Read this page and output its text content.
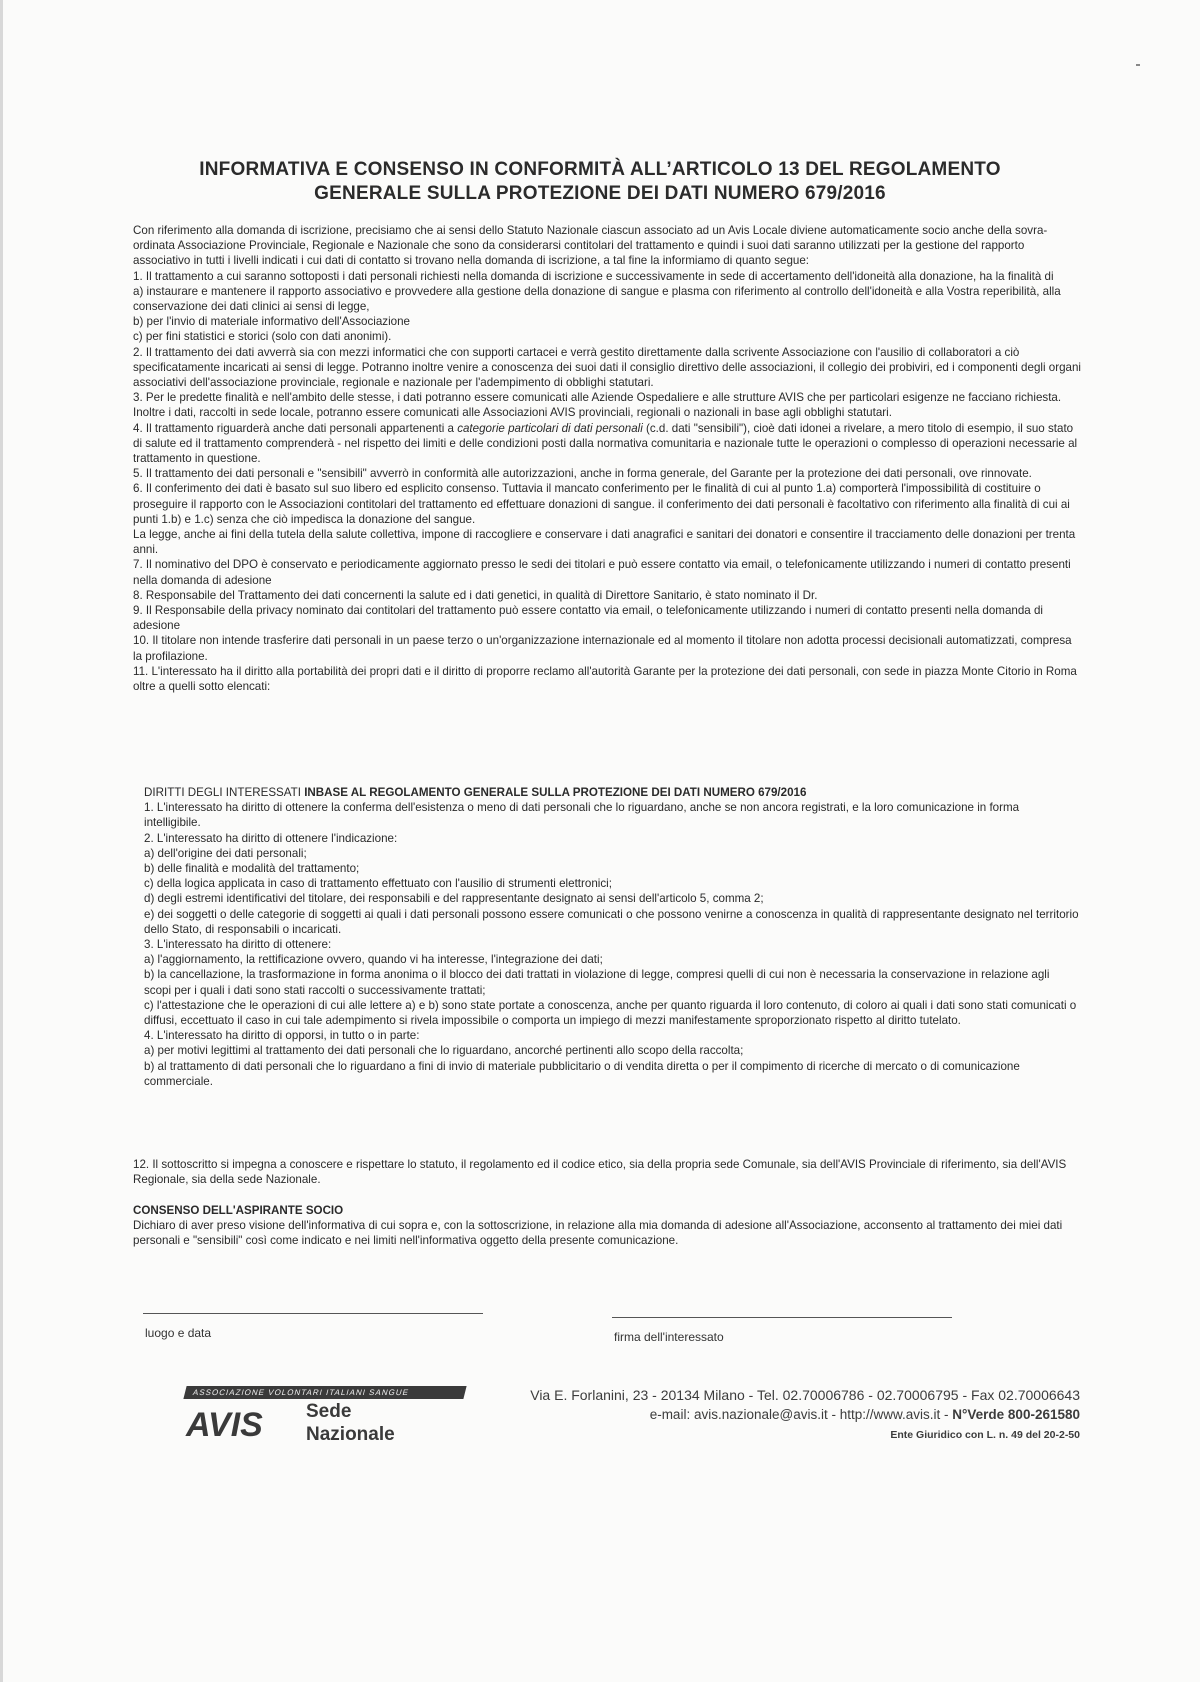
INFORMATIVA E CONSENSO IN CONFORMITÀ ALL’ARTICOLO 13 DEL REGOLAMENTO
GENERALE SULLA PROTEZIONE DEI DATI NUMERO 679/2016

Con riferimento alla domanda di iscrizione, precisiamo che ai sensi dello Statuto Nazionale ciascun associato ad un Avis Locale diviene automaticamente socio anche della sovra-ordinata Associazione Provinciale, Regionale e Nazionale che sono da considerarsi contitolari del trattamento e quindi i suoi dati saranno utilizzati per la gestione del rapporto associativo in tutti i livelli indicati i cui dati di contatto si trovano nella domanda di iscrizione, a tal fine la informiamo di quanto segue:

1. Il trattamento a cui saranno sottoposti i dati personali richiesti nella domanda di iscrizione e successivamente in sede di accertamento dell'idoneità alla donazione, ha la finalità di

a) instaurare e mantenere il rapporto associativo e provvedere alla gestione della donazione di sangue e plasma con riferimento al controllo dell'idoneità e alla Vostra reperibilità, alla conservazione dei dati clinici ai sensi di legge,

b) per l'invio di materiale informativo dell'Associazione

c) per fini statistici e storici (solo con dati anonimi).

2. Il trattamento dei dati avverrà sia con mezzi informatici che con supporti cartacei e verrà gestito direttamente dalla scrivente Associazione con l'ausilio di collaboratori a ciò specificatamente incaricati ai sensi di legge. Potranno inoltre venire a conoscenza dei suoi dati il consiglio direttivo delle associazioni, il collegio dei probiviri, ed i componenti degli organi associativi dell'associazione provinciale, regionale e nazionale per l'adempimento di obblighi statutari.

3. Per le predette finalità e nell'ambito delle stesse, i dati potranno essere comunicati alle Aziende Ospedaliere e alle strutture AVIS che per particolari esigenze ne facciano richiesta. Inoltre i dati, raccolti in sede locale, potranno essere comunicati alle Associazioni AVIS provinciali, regionali o nazionali in base agli obblighi statutari.

4. Il trattamento riguarderà anche dati personali appartenenti a categorie particolari di dati personali (c.d. dati "sensibili"), cioè dati idonei a rivelare, a mero titolo di esempio, il suo stato di salute ed il trattamento comprenderà - nel rispetto dei limiti e delle condizioni posti dalla normativa comunitaria e nazionale tutte le operazioni o complesso di operazioni necessarie al trattamento in questione.

5. Il trattamento dei dati personali e "sensibili" avverrò in conformità alle autorizzazioni, anche in forma generale, del Garante per la protezione dei dati personali, ove rinnovate.

6. Il conferimento dei dati è basato sul suo libero ed esplicito consenso. Tuttavia il mancato conferimento per le finalità di cui al punto 1.a) comporterà l'impossibilità di costituire o proseguire il rapporto con le Associazioni contitolari del trattamento ed effettuare donazioni di sangue. il conferimento dei dati personali è facoltativo con riferimento alla finalità di cui ai punti 1.b) e 1.c) senza che ciò impedisca la donazione del sangue.

La legge, anche ai fini della tutela della salute collettiva, impone di raccogliere e conservare i dati anagrafici e sanitari dei donatori e consentire il tracciamento delle donazioni per trenta anni.

7. Il nominativo del DPO è conservato e periodicamente aggiornato presso le sedi dei titolari e può essere contatto via email, o telefonicamente utilizzando i numeri di contatto presenti nella domanda di adesione

8. Responsabile del Trattamento dei dati concernenti la salute ed i dati genetici, in qualità di Direttore Sanitario, è stato nominato il Dr.

9. Il Responsabile della privacy nominato dai contitolari del trattamento può essere contatto via email, o telefonicamente utilizzando i numeri di contatto presenti nella domanda di adesione

10. Il titolare non intende trasferire dati personali in un paese terzo o un'organizzazione internazionale ed al momento il titolare non adotta processi decisionali automatizzati, compresa la profilazione.

11. L'interessato ha il diritto alla portabilità dei propri dati e il diritto di proporre reclamo all'autorità Garante per la protezione dei dati personali, con sede in piazza Monte Citorio in Roma oltre a quelli sotto elencati:

DIRITTI DEGLI INTERESSATI INBASE AL REGOLAMENTO GENERALE SULLA PROTEZIONE DEI DATI NUMERO 679/2016

1. L'interessato ha diritto di ottenere la conferma dell'esistenza o meno di dati personali che lo riguardano, anche se non ancora registrati, e la loro comunicazione in forma intelligibile.

2. L'interessato ha diritto di ottenere l'indicazione:

a) dell'origine dei dati personali;

b) delle finalità e modalità del trattamento;

c) della logica applicata in caso di trattamento effettuato con l'ausilio di strumenti elettronici;

d) degli estremi identificativi del titolare, dei responsabili e del rappresentante designato ai sensi dell'articolo 5, comma 2;

e) dei soggetti o delle categorie di soggetti ai quali i dati personali possono essere comunicati o che possono venirne a conoscenza in qualità di rappresentante designato nel territorio dello Stato, di responsabili o incaricati.

3. L'interessato ha diritto di ottenere:

a) l'aggiornamento, la rettificazione ovvero, quando vi ha interesse, l'integrazione dei dati;

b) la cancellazione, la trasformazione in forma anonima o il blocco dei dati trattati in violazione di legge, compresi quelli di cui non è necessaria la conservazione in relazione agli scopi per i quali i dati sono stati raccolti o successivamente trattati;

c) l'attestazione che le operazioni di cui alle lettere a) e b) sono state portate a conoscenza, anche per quanto riguarda il loro contenuto, di coloro ai quali i dati sono stati comunicati o diffusi, eccettuato il caso in cui tale adempimento si rivela impossibile o comporta un impiego di mezzi manifestamente sproporzionato rispetto al diritto tutelato.

4. L'interessato ha diritto di opporsi, in tutto o in parte:

a) per motivi legittimi al trattamento dei dati personali che lo riguardano, ancorché pertinenti allo scopo della raccolta;

b) al trattamento di dati personali che lo riguardano a fini di invio di materiale pubblicitario o di vendita diretta o per il compimento di ricerche di mercato o di comunicazione commerciale.

12. Il sottoscritto si impegna a conoscere e rispettare lo statuto, il regolamento ed il codice etico, sia della propria sede Comunale, sia dell'AVIS Provinciale di riferimento, sia dell'AVIS Regionale, sia della sede Nazionale.

CONSENSO DELL'ASPIRANTE SOCIO

Dichiaro di aver preso visione dell'informativa di cui sopra e, con la sottoscrizione, in relazione alla mia domanda di adesione all'Associazione, acconsento al trattamento dei miei dati personali e "sensibili" così come indicato e nei limiti nell'informativa oggetto della presente comunicazione.

luogo e data	firma dell'interessato
ASSOCIAZIONE VOLONTARI ITALIANI SANGUE
AVIS Sede
Nazionale
Via E. Forlanini, 23 - 20134 Milano - Tel. 02.70006786 - 02.70006795 - Fax 02.70006643
e-mail: avis.nazionale@avis.it - http://www.avis.it - N°Verde 800-261580
Ente Giuridico con L. n. 49 del 20-2-50
